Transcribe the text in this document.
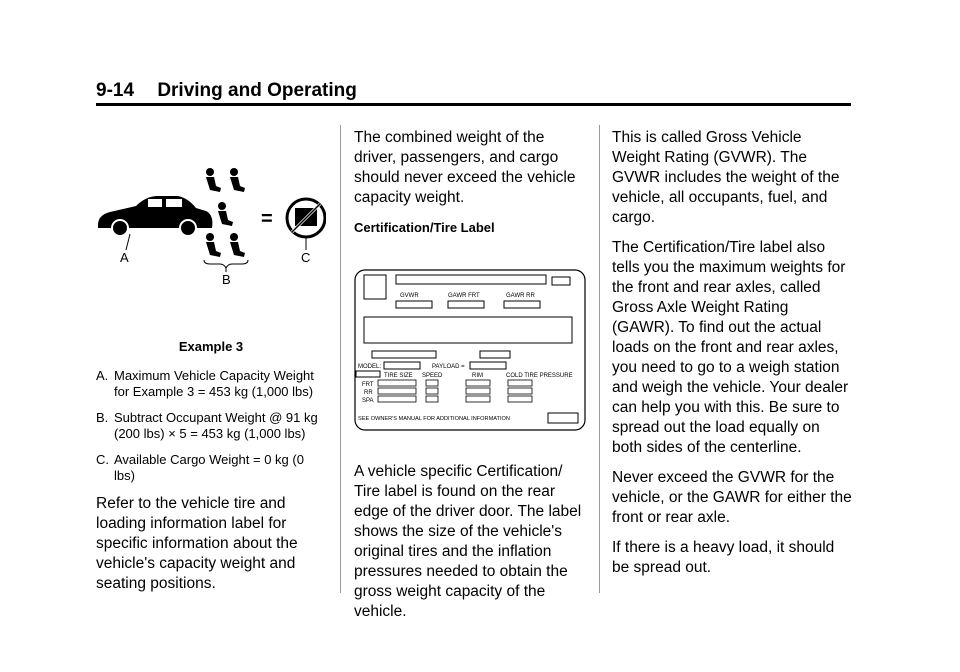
9-14 Driving and Operating
–	=
A
B
C
Example 3
A. Maximum Vehicle Capacity Weight for Example 3 = 453 kg (1,000 lbs)
B. Subtract Occupant Weight @ 91 kg (200 lbs) × 5 = 453 kg (1,000 lbs)
C. Available Cargo Weight = 0 kg (0 lbs)

Refer to the vehicle tire and loading information label for specific information about the vehicle's capacity weight and seating positions.

The combined weight of the driver, passengers, and cargo should never exceed the vehicle capacity weight.

Certification/Tire Label
GVWR	GAWR FRT	GAWR RR
MODEL:	PAYLOAD =
TIRE SIZE SPEED	RIM	COLD TIRE PRESSURE
FRT
RR
SPA
SEE OWNER'S MANUAL FOR ADDITIONAL INFORMATION

A vehicle specific Certification/ Tire label is found on the rear edge of the driver door. The label shows the size of the vehicle's original tires and the inflation pressures needed to obtain the gross weight capacity of the vehicle.

This is called Gross Vehicle Weight Rating (GVWR). The GVWR includes the weight of the vehicle, all occupants, fuel, and cargo.

The Certification/Tire label also tells you the maximum weights for the front and rear axles, called Gross Axle Weight Rating (GAWR). To find out the actual loads on the front and rear axles, you need to go to a weigh station and weigh the vehicle. Your dealer can help you with this. Be sure to spread out the load equally on both sides of the centerline.

Never exceed the GVWR for the vehicle, or the GAWR for either the front or rear axle.

If there is a heavy load, it should be spread out.
